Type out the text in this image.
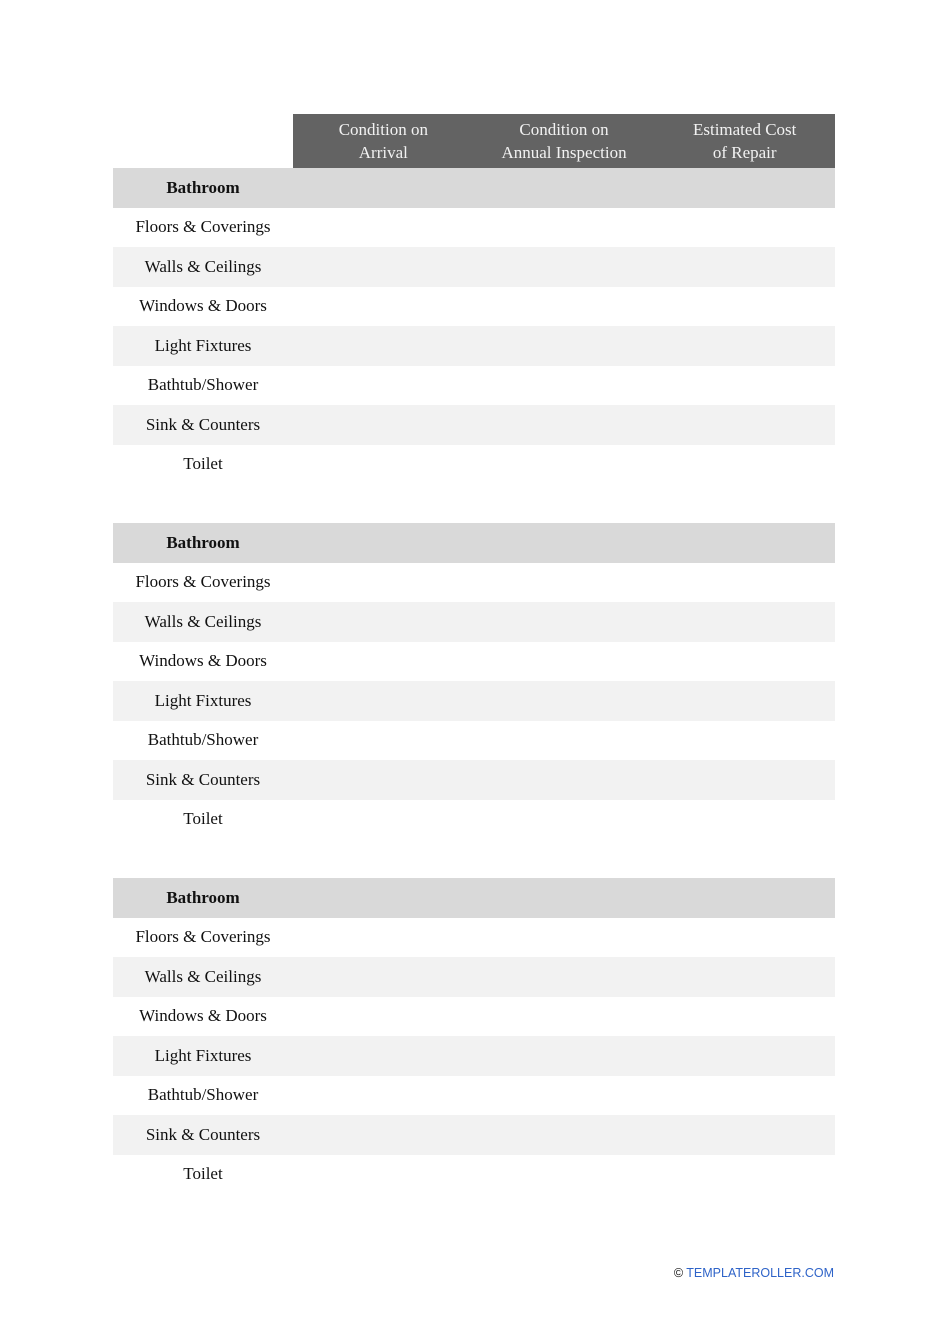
Condition on
Arrival
Condition on
Annual Inspection
Estimated Cost
of Repair
Bathroom
Floors & Coverings
Walls & Ceilings
Windows & Doors
Light Fixtures
Bathtub/Shower
Sink & Counters
Toilet
Bathroom
Floors & Coverings
Walls & Ceilings
Windows & Doors
Light Fixtures
Bathtub/Shower
Sink & Counters
Toilet
Bathroom
Floors & Coverings
Walls & Ceilings
Windows & Doors
Light Fixtures
Bathtub/Shower
Sink & Counters
Toilet
© TEMPLATEROLLER.COM
